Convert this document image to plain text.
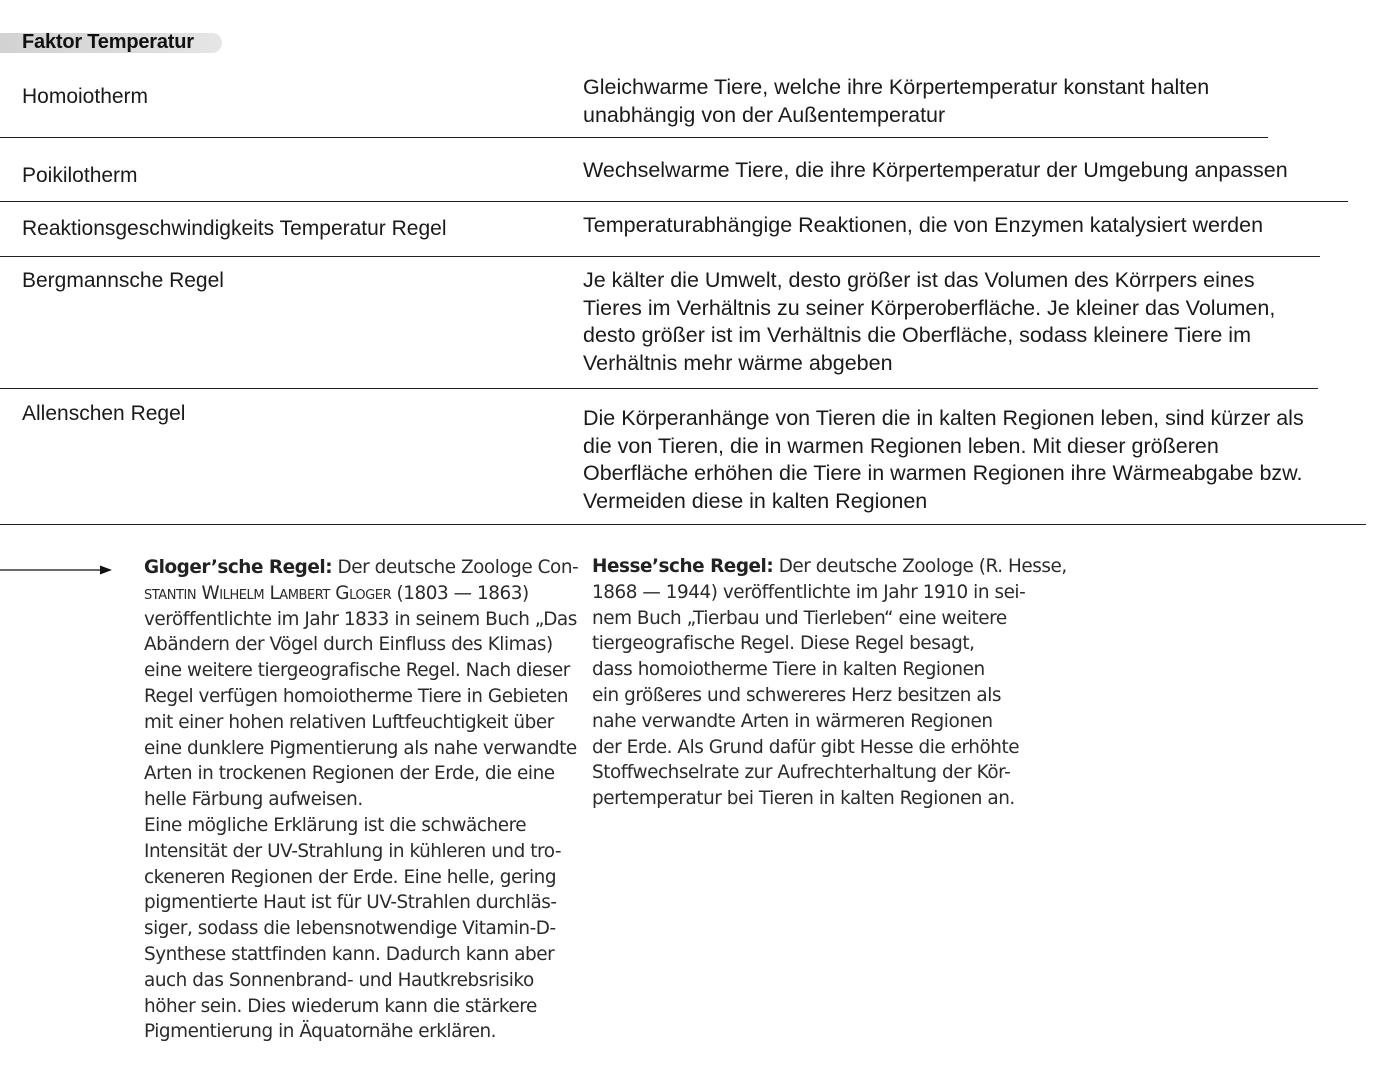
Faktor Temperatur
Homoiotherm	Gleichwarme Tiere, welche ihre Körpertemperatur konstant halten

unabhängig von der Außentemperatur

Poikilotherm	Wechselwarme Tiere, die ihre Körpertemperatur der Umgebung anpassen

Reaktionsgeschwindigkeits Temperatur Regel	Temperaturabhängige Reaktionen, die von Enzymen katalysiert werden

Bergmannsche Regel	Je kälter die Umwelt, desto größer ist das Volumen des Körrpers eines

Tieres im Verhältnis zu seiner Körperoberfläche. Je kleiner das Volumen,

desto größer ist im Verhältnis die Oberfläche, sodass kleinere Tiere im

Verhältnis mehr wärme abgeben

Allenschen Regel	Die Körperanhänge von Tieren die in kalten Regionen leben, sind kürzer als

die von Tieren, die in warmen Regionen leben. Mit dieser größeren

Oberfläche erhöhen die Tiere in warmen Regionen ihre Wärmeabgabe bzw.

Vermeiden diese in kalten Regionen

Gloger’sche Regel: Der deutsche Zoologe Con-
stantin Wilhelm Lambert Gloger (1803 — 1863)
veröffentlichte im Jahr 1833 in seinem Buch „Das
Abändern der Vögel durch Einfluss des Klimas)
eine weitere tiergeografische Regel. Nach dieser
Regel verfügen homoiotherme Tiere in Gebieten
mit einer hohen relativen Luftfeuchtigkeit über
eine dunklere Pigmentierung als nahe verwandte
Arten in trockenen Regionen der Erde, die eine
helle Färbung aufweisen.
Eine mögliche Erklärung ist die schwächere
Intensität der UV-Strahlung in kühleren und tro-
ckeneren Regionen der Erde. Eine helle, gering
pigmentierte Haut ist für UV-Strahlen durchläs-
siger, sodass die lebensnotwendige Vitamin-D-
Synthese stattfinden kann. Dadurch kann aber
auch das Sonnenbrand- und Hautkrebsrisiko
höher sein. Dies wiederum kann die stärkere
Pigmentierung in Äquatornähe erklären.
Hesse’sche Regel: Der deutsche Zoologe (R. Hesse,
1868 — 1944) veröffentlichte im Jahr 1910 in sei-
nem Buch „Tierbau und Tierleben“ eine weitere
tiergeografische Regel. Diese Regel besagt,
dass homoiotherme Tiere in kalten Regionen
ein größeres und schwereres Herz besitzen als
nahe verwandte Arten in wärmeren Regionen
der Erde. Als Grund dafür gibt Hesse die erhöhte
Stoffwechselrate zur Aufrechterhaltung der Kör-
pertemperatur bei Tieren in kalten Regionen an.
